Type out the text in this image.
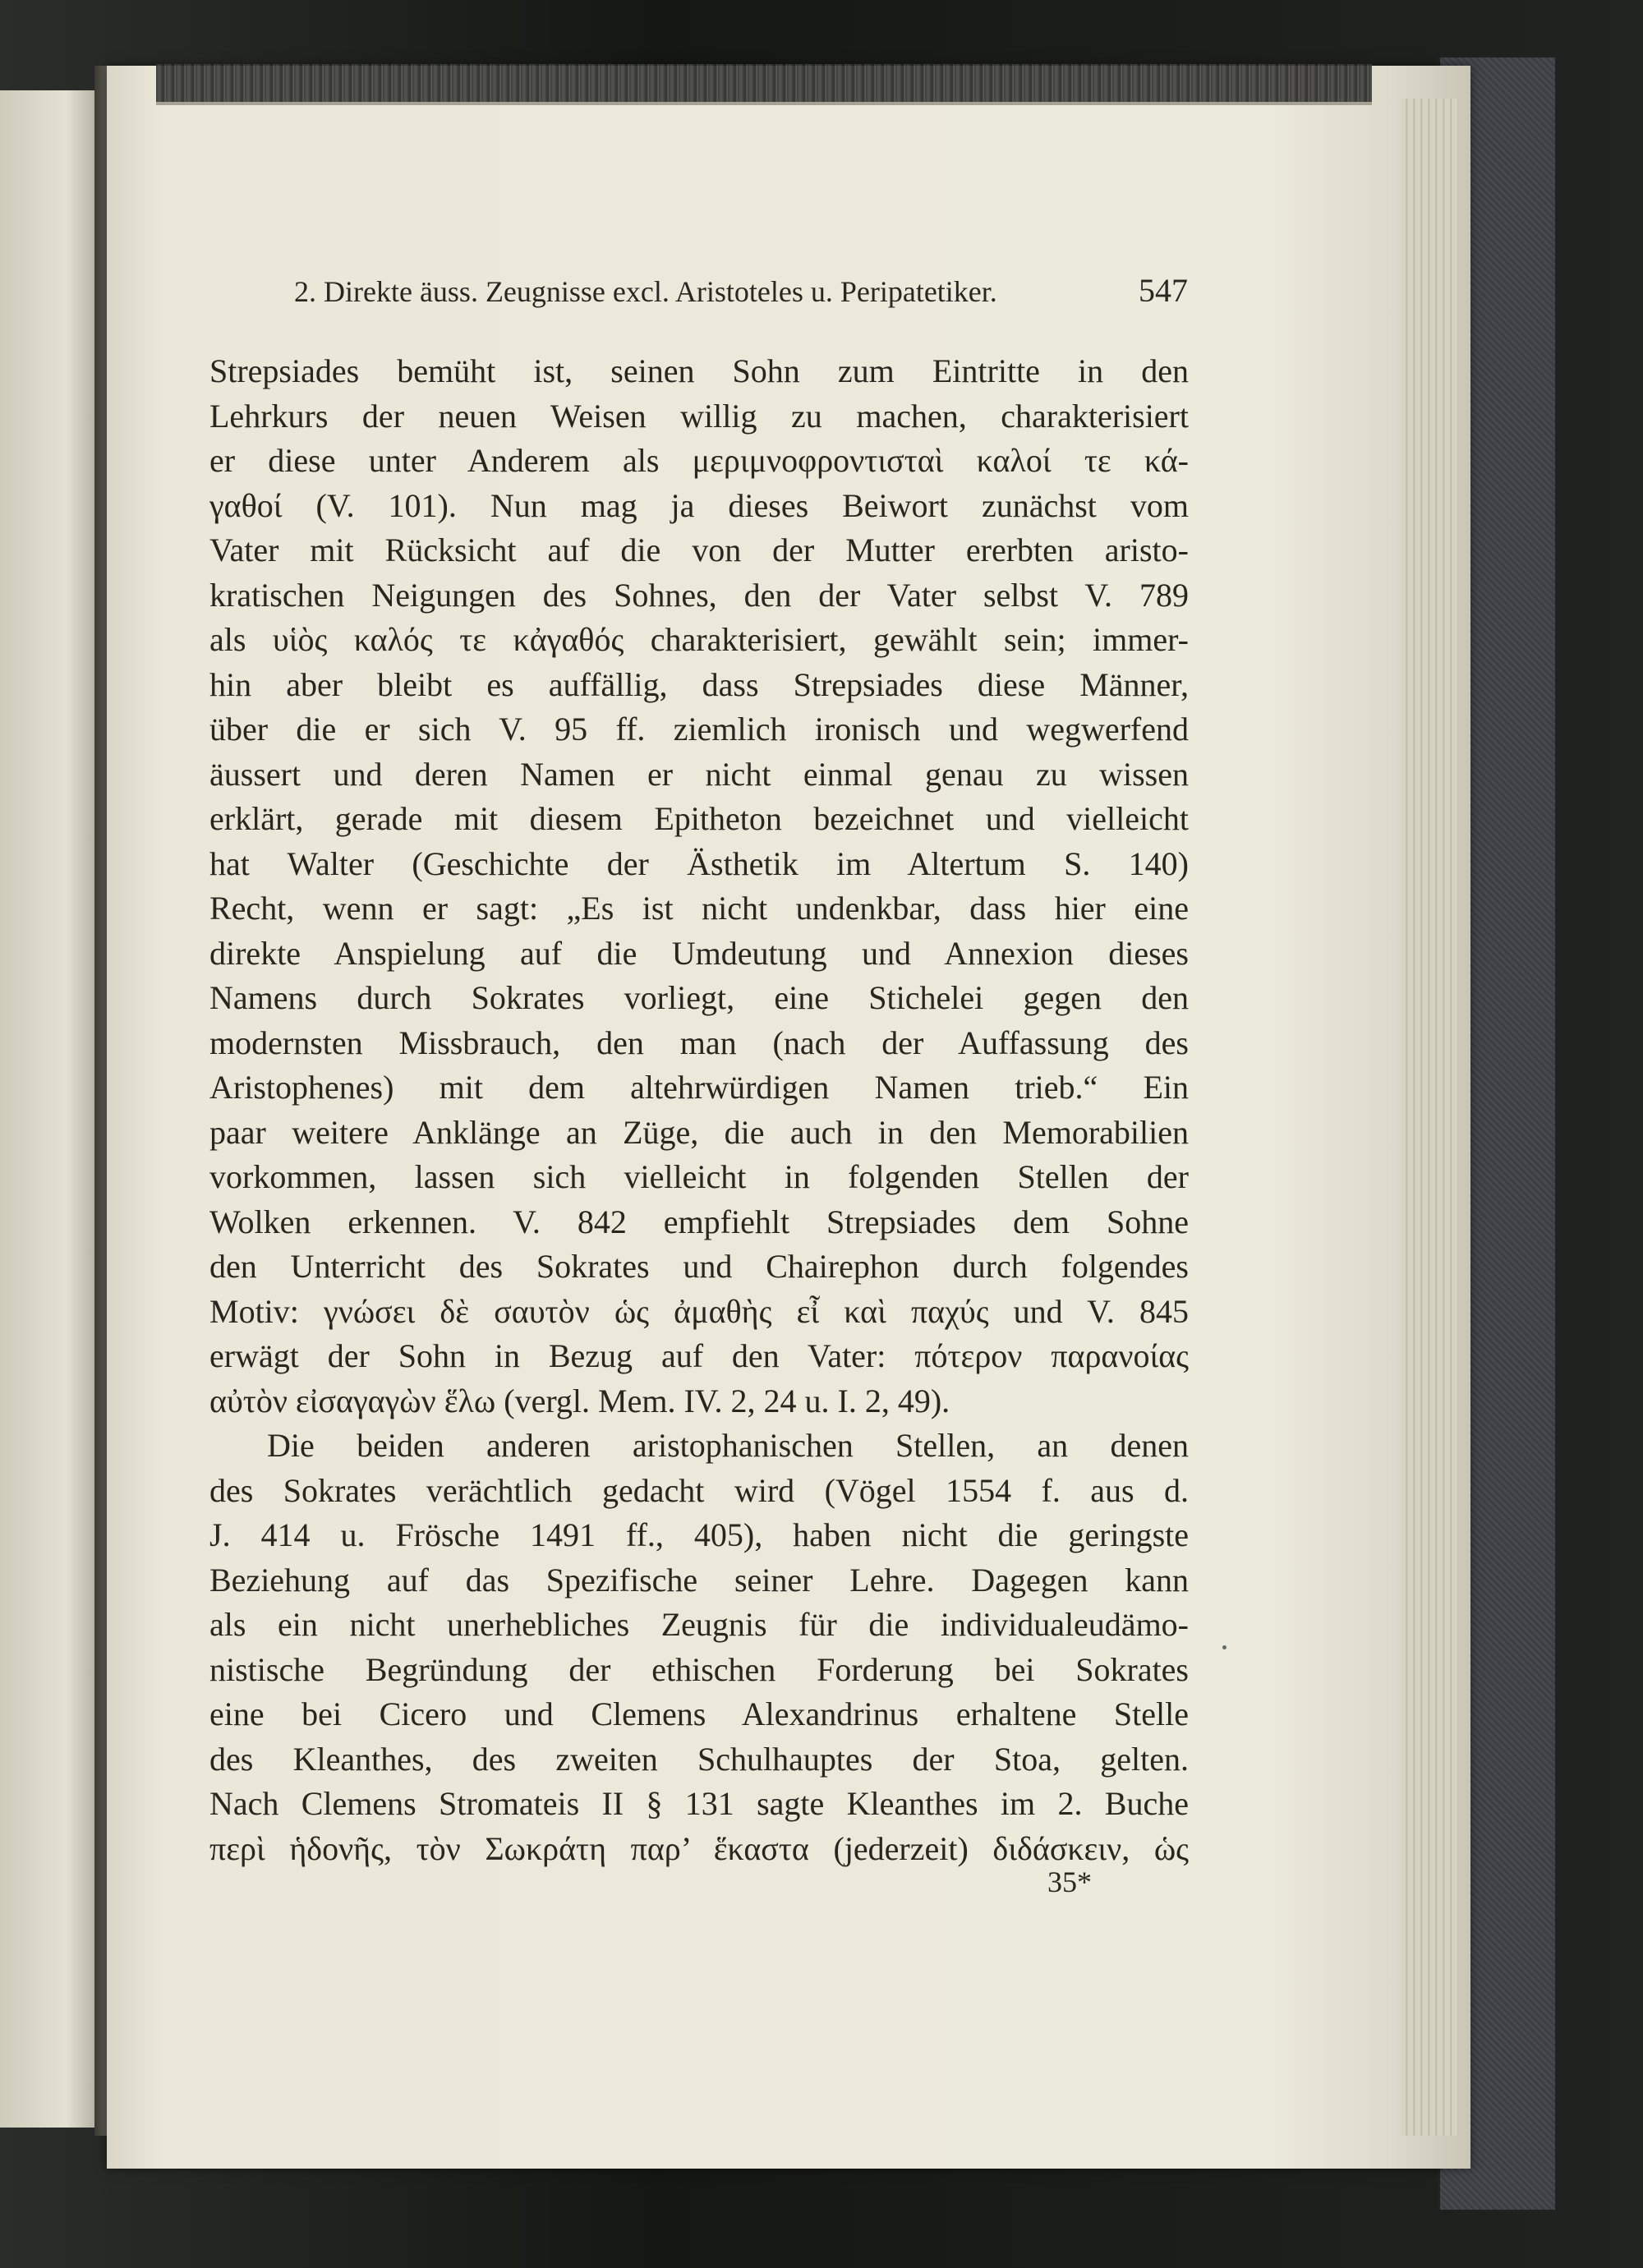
2. Direkte äuss. Zeugnisse excl. Aristoteles u. Peripatetiker.	547
Strepsiades bemüht ist, seinen Sohn zum Eintritte in den
Lehrkurs der neuen Weisen willig zu machen, charakterisiert
er diese unter Anderem als μεριμνοφροντισταὶ καλοί τε κά-
γαθοί (V. 101). Nun mag ja dieses Beiwort zunächst vom
Vater mit Rücksicht auf die von der Mutter ererbten aristo-
kratischen Neigungen des Sohnes, den der Vater selbst V. 789
als υἱὸς καλός τε κἀγαθός charakterisiert, gewählt sein; immer-
hin aber bleibt es auffällig, dass Strepsiades diese Männer,
über die er sich V. 95 ff. ziemlich ironisch und wegwerfend
äussert und deren Namen er nicht einmal genau zu wissen
erklärt, gerade mit diesem Epitheton bezeichnet und vielleicht
hat Walter (Geschichte der Ästhetik im Altertum S. 140)
Recht, wenn er sagt: „Es ist nicht undenkbar, dass hier eine
direkte Anspielung auf die Umdeutung und Annexion dieses
Namens durch Sokrates vorliegt, eine Stichelei gegen den
modernsten Missbrauch, den man (nach der Auffassung des
Aristophenes) mit dem altehrwürdigen Namen trieb.“ Ein
paar weitere Anklänge an Züge, die auch in den Memorabilien
vorkommen, lassen sich vielleicht in folgenden Stellen der
Wolken erkennen. V. 842 empfiehlt Strepsiades dem Sohne
den Unterricht des Sokrates und Chairephon durch folgendes
Motiv: γνώσει δὲ σαυτὸν ὡς ἀμαθὴς εἶ καὶ παχύς und V. 845
erwägt der Sohn in Bezug auf den Vater: πότερον παρανοίας
αὐτὸν εἰσαγαγὼν ἕλω (vergl. Mem. IV. 2, 24 u. I. 2, 49).
Die beiden anderen aristophanischen Stellen, an denen
des Sokrates verächtlich gedacht wird (Vögel 1554 f. aus d.
J. 414 u. Frösche 1491 ff., 405), haben nicht die geringste
Beziehung auf das Spezifische seiner Lehre. Dagegen kann
als ein nicht unerhebliches Zeugnis für die individualeudämo-
nistische Begründung der ethischen Forderung bei Sokrates
eine bei Cicero und Clemens Alexandrinus erhaltene Stelle
des Kleanthes, des zweiten Schulhauptes der Stoa, gelten.
Nach Clemens Stromateis II § 131 sagte Kleanthes im 2. Buche
περὶ ἡδονῆς, τὸν Σωκράτη παρ’ ἕκαστα (jederzeit) διδάσκειν, ὡς
35*
